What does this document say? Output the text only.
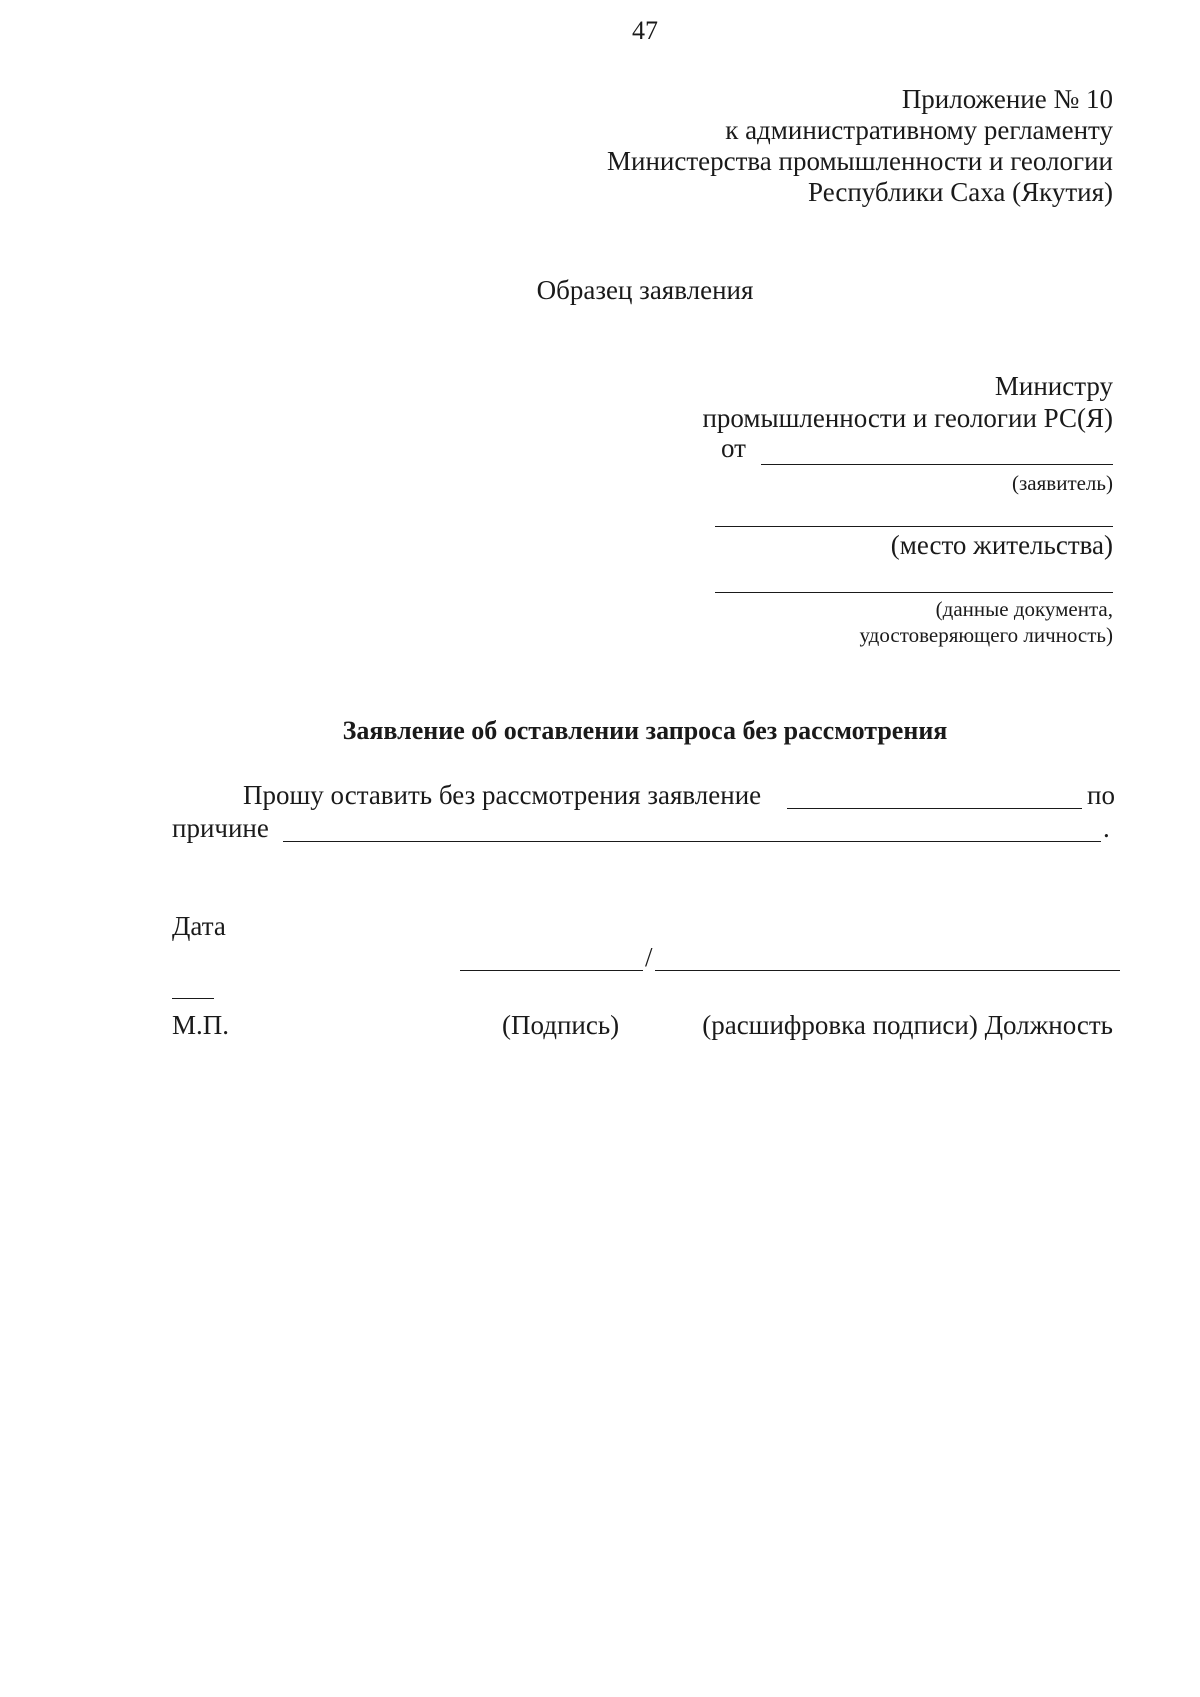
47
Приложение № 10
к административному регламенту
Министерства промышленности и геологии
Республики Саха (Якутия)
Образец заявления
Министру
промышленности и геологии РС(Я)
от
(заявитель)
(место жительства)
(данные документа,
удостоверяющего личность)
Заявление об оставлении запроса без рассмотрения
Прошу оставить без рассмотрения заявление	по
причине	.
Дата
/
М.П.	(Подпись)	(расшифровка подписи) Должность
